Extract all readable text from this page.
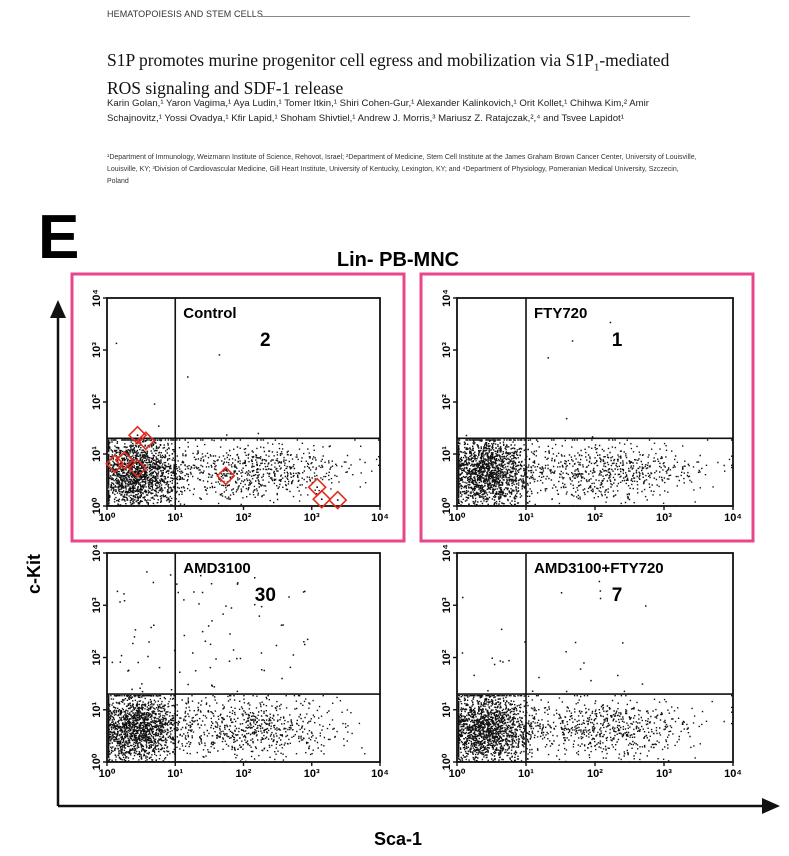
HEMATOPOIESIS AND STEM CELLS
S1P promotes murine progenitor cell egress and mobilization via $S1P_1$-mediated ROS signaling and SDF-1 release
Karin Golan,¹ Yaron Vagima,¹ Aya Ludin,¹ Tomer Itkin,¹ Shiri Cohen-Gur,¹ Alexander Kalinkovich,¹ Orit Kollet,¹ Chihwa Kim,² Amir Schajnovitz,¹ Yossi Ovadya,¹ Kfir Lapid,¹ Shoham Shivtiel,¹ Andrew J. Morris,³ Mariusz Z. Ratajczak,²,⁴ and Tsvee Lapidot¹
¹Department of Immunology, Weizmann Institute of Science, Rehovot, Israel; ²Department of Medicine, Stem Cell Institute at the James Graham Brown Cancer Center, University of Louisville, Louisville, KY; ³Division of Cardiovascular Medicine, Gill Heart Institute, University of Kentucky, Lexington, KY; and ⁴Department of Physiology, Pomeranian Medical University, Szczecin, Poland
E	Lin- PB-MNC
c-Kit
Sca-1
10⁰	10¹	10²	10³	10⁴
10⁰
10¹
10²
10³
10⁴
Control
2
10⁰	10¹	10²	10³	10⁴
10⁰
10¹
10²
10³
10⁴
FTY720
1
10⁰	10¹	10²	10³	10⁴
10⁰
10¹
10²
10³
10⁴
AMD3100
30
10⁰	10¹	10²	10³	10⁴
10⁰
10¹
10²
10³
10⁴
AMD3100+FTY720
7
